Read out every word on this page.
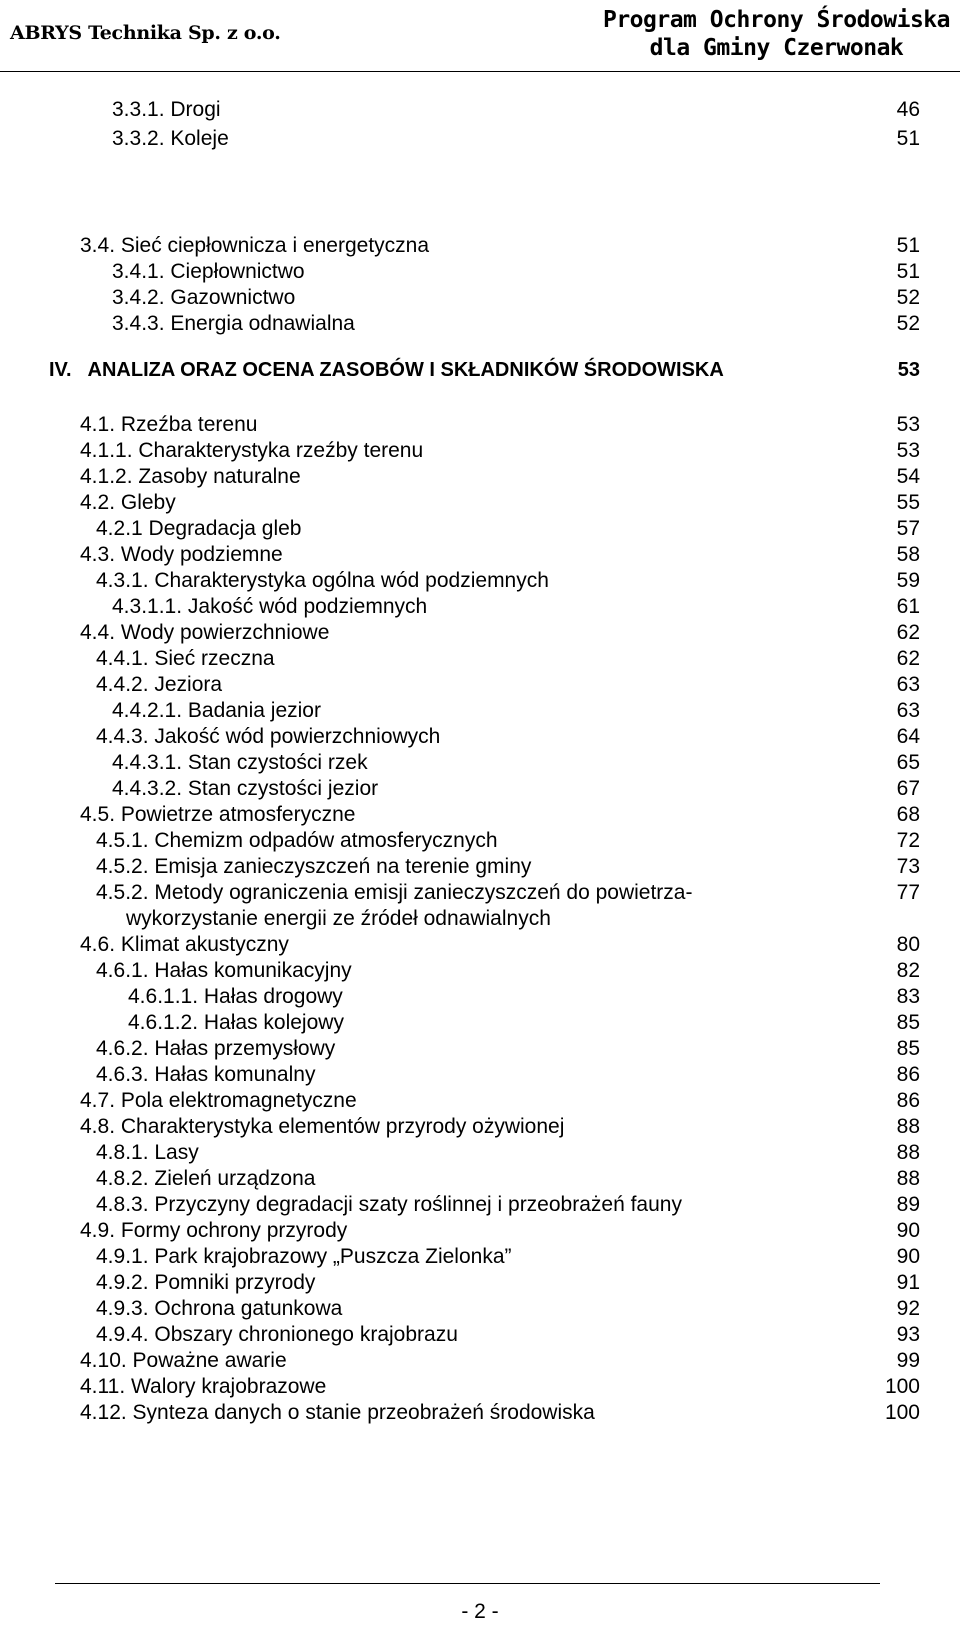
ABRYS Technika Sp. z o.o.	Program Ochrony Środowiska
dla Gminy Czerwonak
3.3.1. Drogi	46
3.3.2. Koleje	51
3.4. Sieć ciepłownicza i energetyczna	51
3.4.1. Ciepłownictwo	51
3.4.2. Gazownictwo	52
3.4.3. Energia odnawialna	52
IV.   ANALIZA ORAZ OCENA ZASOBÓW I SKŁADNIKÓW ŚRODOWISKA	53
4.1. Rzeźba terenu	53
4.1.1. Charakterystyka rzeźby terenu	53
4.1.2. Zasoby naturalne	54
4.2. Gleby	55
4.2.1 Degradacja gleb	57
4.3. Wody podziemne	58
4.3.1. Charakterystyka ogólna wód podziemnych	59
4.3.1.1. Jakość wód podziemnych	61
4.4. Wody powierzchniowe	62
4.4.1. Sieć rzeczna	62
4.4.2. Jeziora	63
4.4.2.1. Badania jezior	63
4.4.3. Jakość wód powierzchniowych	64
4.4.3.1. Stan czystości rzek	65
4.4.3.2. Stan czystości jezior	67
4.5. Powietrze atmosferyczne	68
4.5.1. Chemizm odpadów atmosferycznych	72
4.5.2. Emisja zanieczyszczeń na terenie gminy	73
4.5.2. Metody ograniczenia emisji zanieczyszczeń do powietrza-	77
wykorzystanie energii ze źródeł odnawialnych
4.6. Klimat akustyczny	80
4.6.1. Hałas komunikacyjny	82
4.6.1.1. Hałas drogowy	83
4.6.1.2. Hałas kolejowy	85
4.6.2. Hałas przemysłowy	85
4.6.3. Hałas komunalny	86
4.7. Pola elektromagnetyczne	86
4.8. Charakterystyka elementów przyrody ożywionej	88
4.8.1. Lasy	88
4.8.2. Zieleń urządzona	88
4.8.3. Przyczyny degradacji szaty roślinnej i przeobrażeń fauny	89
4.9. Formy ochrony przyrody	90
4.9.1. Park krajobrazowy „Puszcza Zielonka”	90
4.9.2. Pomniki przyrody	91
4.9.3. Ochrona gatunkowa	92
4.9.4. Obszary chronionego krajobrazu	93
4.10. Poważne awarie	99
4.11. Walory krajobrazowe	100
4.12. Synteza danych o stanie przeobrażeń środowiska	100
- 2 -
